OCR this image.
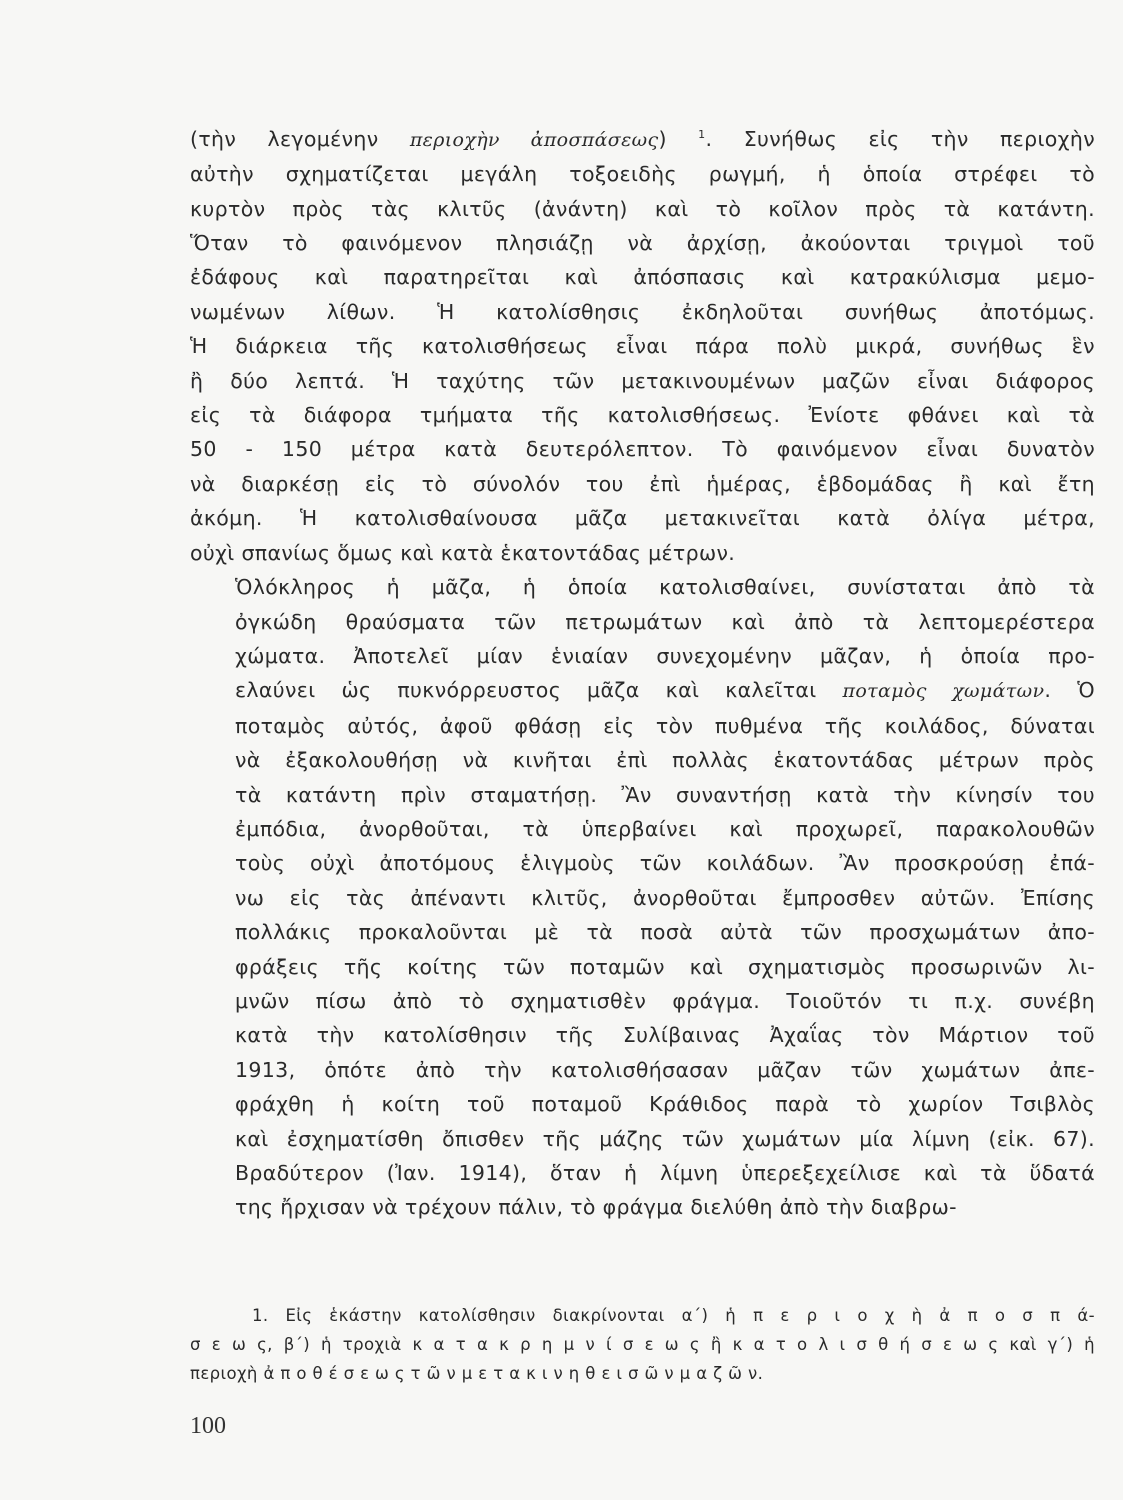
(τὴν λεγομένην περιοχὴν ἀποσπάσεως) $^1$. Συνήθως εἰς τὴν περιοχὴν
αὐτὴν σχηματίζεται μεγάλη τοξοειδὴς ρωγμή, ἡ ὁποία στρέφει τὸ
κυρτὸν πρὸς τὰς κλιτῦς (ἀνάντη) καὶ τὸ κοῖλον πρὸς τὰ κατάντη.
Ὅταν τὸ φαινόμενον πλησιάζῃ νὰ ἀρχίσῃ, ἀκούονται τριγμοὶ τοῦ
ἐδάφους καὶ παρατηρεῖται καὶ ἀπόσπασις καὶ κατρακύλισμα μεμο-
νωμένων λίθων. Ἡ κατολίσθησις ἐκδηλοῦται συνήθως ἀποτόμως.
Ἡ διάρκεια τῆς κατολισθήσεως εἶναι πάρα πολὺ μικρά, συνήθως ἓν
ἢ δύο λεπτά. Ἡ ταχύτης τῶν μετακινουμένων μαζῶν εἶναι διάφορος
εἰς τὰ διάφορα τμήματα τῆς κατολισθήσεως. Ἐνίοτε φθάνει καὶ τὰ
50 - 150 μέτρα κατὰ δευτερόλεπτον. Τὸ φαινόμενον εἶναι δυνατὸν
νὰ διαρκέσῃ εἰς τὸ σύνολόν του ἐπὶ ἡμέρας, ἑβδομάδας ἢ καὶ ἔτη
ἀκόμη. Ἡ κατολισθαίνουσα μᾶζα μετακινεῖται κατὰ ὀλίγα μέτρα,
οὐχὶ σπανίως ὅμως καὶ κατὰ ἑκατοντάδας μέτρων.

Ὁλόκληρος ἡ μᾶζα, ἡ ὁποία κατολισθαίνει, συνίσταται ἀπὸ τὰ
ὀγκώδη θραύσματα τῶν πετρωμάτων καὶ ἀπὸ τὰ λεπτομερέστερα
χώματα. Ἀποτελεῖ μίαν ἑνιαίαν συνεχομένην μᾶζαν, ἡ ὁποία προ-
ελαύνει ὡς πυκνόρρευστος μᾶζα καὶ καλεῖται ποταμὸς χωμάτων. Ὁ
ποταμὸς αὐτός, ἀφοῦ φθάσῃ εἰς τὸν πυθμένα τῆς κοιλάδος, δύναται
νὰ ἐξακολουθήσῃ νὰ κινῆται ἐπὶ πολλὰς ἑκατοντάδας μέτρων πρὸς
τὰ κατάντη πρὶν σταματήσῃ. Ἂν συναντήσῃ κατὰ τὴν κίνησίν του
ἐμπόδια, ἀνορθοῦται, τὰ ὑπερβαίνει καὶ προχωρεῖ, παρακολουθῶν
τοὺς οὐχὶ ἀποτόμους ἑλιγμοὺς τῶν κοιλάδων. Ἂν προσκρούσῃ ἐπά-
νω εἰς τὰς ἀπέναντι κλιτῦς, ἀνορθοῦται ἔμπροσθεν αὐτῶν. Ἐπίσης
πολλάκις προκαλοῦνται μὲ τὰ ποσὰ αὐτὰ τῶν προσχωμάτων ἀπο-
φράξεις τῆς κοίτης τῶν ποταμῶν καὶ σχηματισμὸς προσωρινῶν λι-
μνῶν πίσω ἀπὸ τὸ σχηματισθὲν φράγμα. Τοιοῦτόν τι π.χ. συνέβη
κατὰ τὴν κατολίσθησιν τῆς Συλίβαινας Ἀχαΐας τὸν Μάρτιον τοῦ
1913, ὁπότε ἀπὸ τὴν κατολισθήσασαν μᾶζαν τῶν χωμάτων ἀπε-
φράχθη ἡ κοίτη τοῦ ποταμοῦ Κράθιδος παρὰ τὸ χωρίον Τσιβλὸς
καὶ ἐσχηματίσθη ὄπισθεν τῆς μάζης τῶν χωμάτων μία λίμνη (εἰκ. 67).
Βραδύτερον (Ἰαν. 1914), ὅταν ἡ λίμνη ὑπερεξεχείλισε καὶ τὰ ὕδατά
της ἤρχισαν νὰ τρέχουν πάλιν, τὸ φράγμα διελύθη ἀπὸ τὴν διαβρω-

1. Εἰς ἑκάστην κατολίσθησιν διακρίνονται α΄) ἡ π ε ρ ι ο χ ὴ ἀ π ο σ π ά-
σ ε ω ς, β΄) ἡ τροχιὰ κ α τ α κ ρ η μ ν ί σ ε ω ς ἢ κ α τ ο λ ι σ θ ή σ ε ω ς καὶ γ΄) ἡ
περιοχὴ ἀ π ο θ έ σ ε ω ς τ ῶ ν μ ε τ α κ ι ν η θ ε ι σ ῶ ν μ α ζ ῶ ν.
100
